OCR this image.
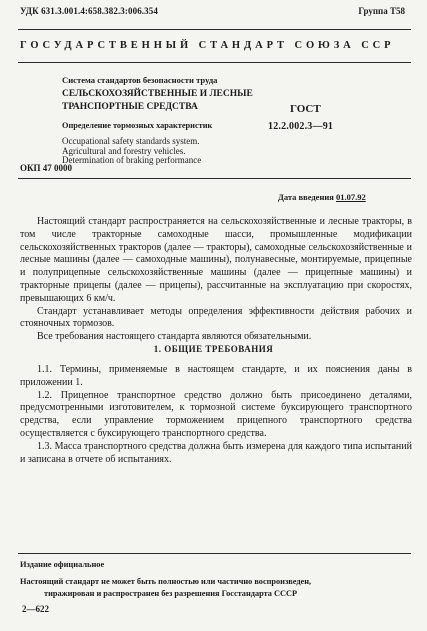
УДК 631.3.001.4:658.382.3:006.354	Группа Т58
ГОСУДАРСТВЕННЫЙ СТАНДАРТ СОЮЗА ССР
Система стандартов безопасности труда
СЕЛЬСКОХОЗЯЙСТВЕННЫЕ И ЛЕСНЫЕ
ТРАНСПОРТНЫЕ СРЕДСТВА	ГОСТ
12.2.002.3—91
Определение тормозных характеристик
Occupational safety standards system.
Agricultural and forestry vehicles.
Determination of braking performance
ОКП 47 0000
Дата введения 01.07.92

Настоящий стандарт распространяется на сельскохозяйственные и лесные тракторы, в том числе тракторные самоходные шасси, промышленные модификации сельскохозяйственных тракторов (далее — тракторы), самоходные сельскохозяйственные и лесные машины (далее — самоходные машины), полунавесные, монтируемые, прицепные и полуприцепные сельскохозяйственные машины (далее — прицепные машины) и тракторные прицепы (далее — прицепы), рассчитанные на эксплуатацию при скоростях, превышающих 6 км/ч.

Стандарт устанавливает методы определения эффективности действия рабочих и стояночных тормозов.

Все требования настоящего стандарта являются обязательными.

1. ОБЩИЕ ТРЕБОВАНИЯ

1.1. Термины, применяемые в настоящем стандарте, и их пояснения даны в приложении 1.

1.2. Прицепное транспортное средство должно быть присоединено деталями, предусмотренными изготовителем, к тормозной системе буксирующего транспортного средства, если управление торможением прицепного транспортного средства осуществляется с буксирующего транспортного средства.

1.3. Масса транспортного средства должна быть измерена для каждого типа испытаний и записана в отчете об испытаниях.

Издание официальное
Настоящий стандарт не может быть полностью или частично воспроизведен,
тиражирован и распространен без разрешения Госстандарта СССР
2—622
